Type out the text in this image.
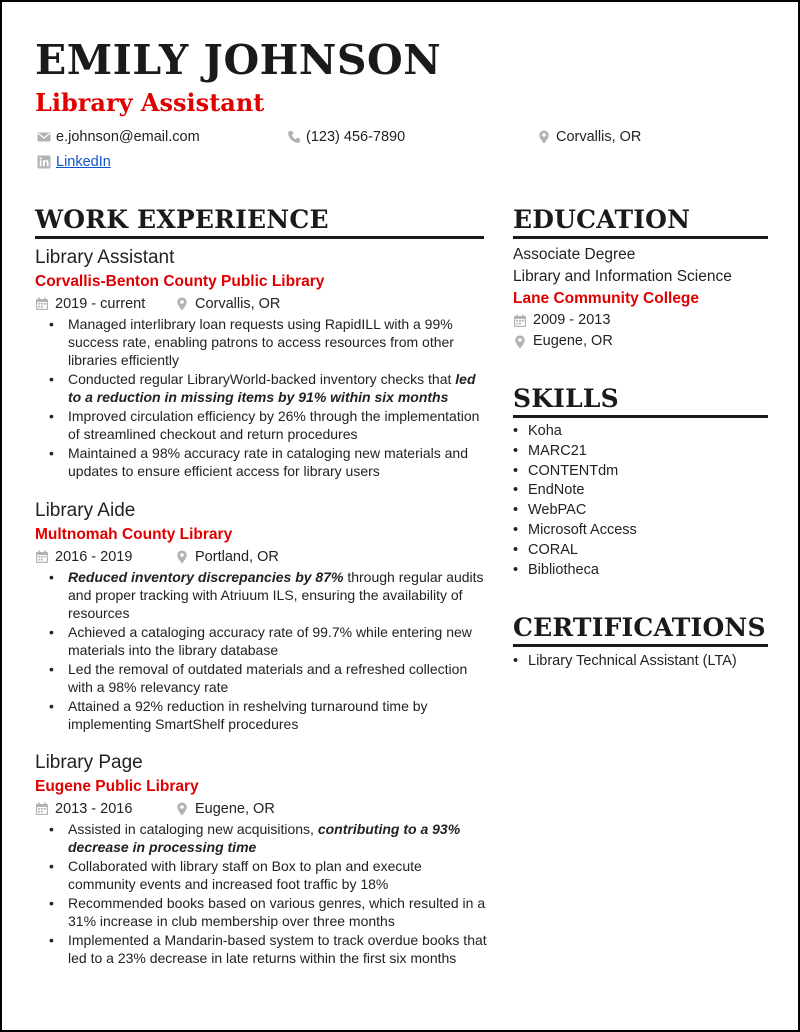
EMILY JOHNSON
Library Assistant
e.johnson@email.com	(123) 456-7890	Corvallis, OR
LinkedIn
WORK EXPERIENCE
Library Assistant
Corvallis-Benton County Public Library
2019 - current	Corvallis, OR
• Managed interlibrary loan requests using RapidILL with a 99% success rate, enabling patrons to access resources from other libraries efficiently
• Conducted regular LibraryWorld-backed inventory checks that led to a reduction in missing items by 91% within six months
• Improved circulation efficiency by 26% through the implementation of streamlined checkout and return procedures
• Maintained a 98% accuracy rate in cataloging new materials and updates to ensure efficient access for library users
Library Aide
Multnomah County Library
2016 - 2019	Portland, OR
• Reduced inventory discrepancies by 87% through regular audits and proper tracking with Atriuum ILS, ensuring the availability of resources
• Achieved a cataloging accuracy rate of 99.7% while entering new materials into the library database
• Led the removal of outdated materials and a refreshed collection with a 98% relevancy rate
• Attained a 92% reduction in reshelving turnaround time by implementing SmartShelf procedures
Library Page
Eugene Public Library
2013 - 2016	Eugene, OR
• Assisted in cataloging new acquisitions, contributing to a 93% decrease in processing time
• Collaborated with library staff on Box to plan and execute community events and increased foot traffic by 18%
• Recommended books based on various genres, which resulted in a 31% increase in club membership over three months
• Implemented a Mandarin-based system to track overdue books that led to a 23% decrease in late returns within the first six months
EDUCATION
Associate Degree
Library and Information Science
Lane Community College
2009 - 2013
Eugene, OR
SKILLS
• Koha
• MARC21
• CONTENTdm
• EndNote
• WebPAC
• Microsoft Access
• CORAL
• Bibliotheca
CERTIFICATIONS
• Library Technical Assistant (LTA)
